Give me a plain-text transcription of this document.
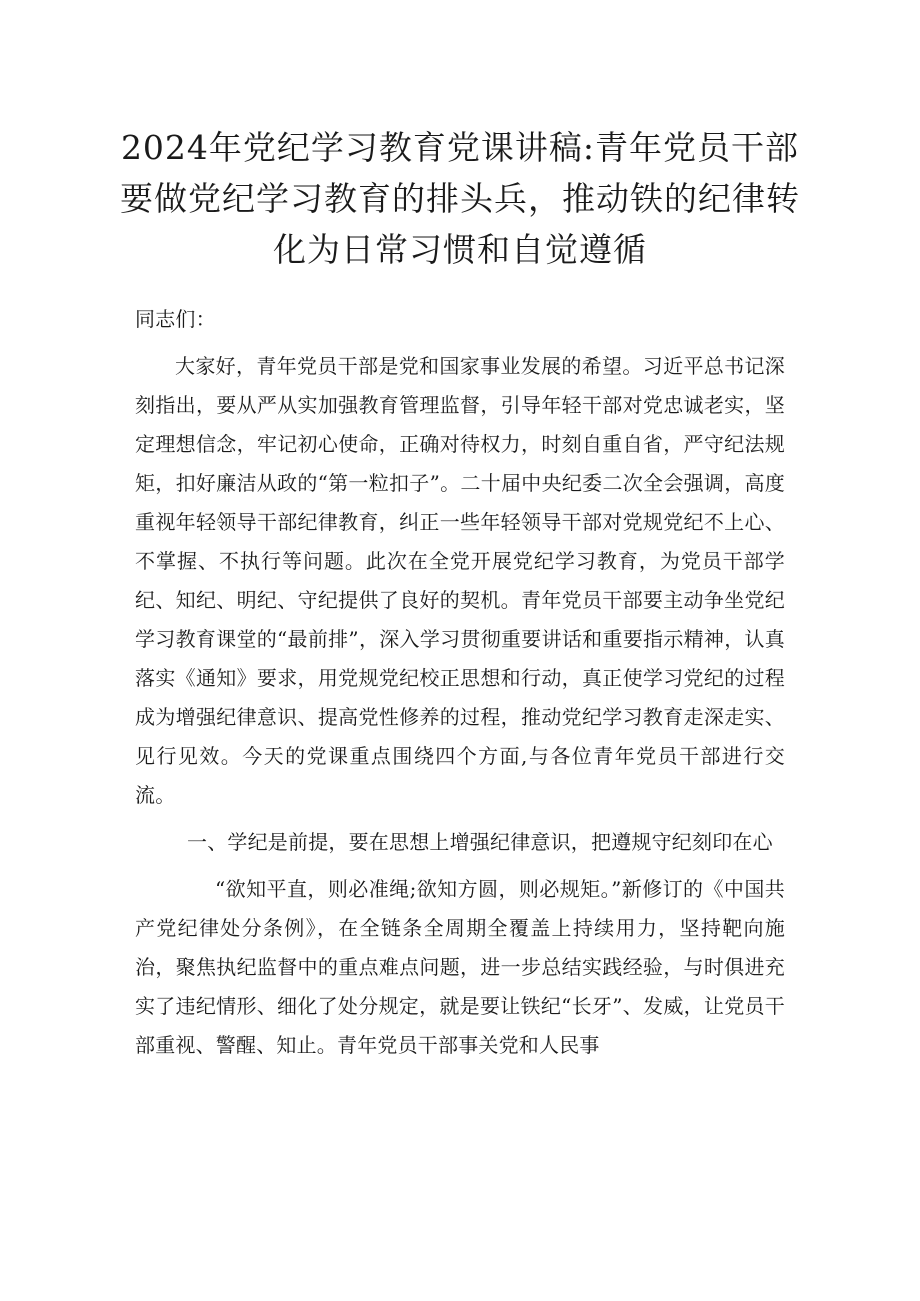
2024年党纪学习教育党课讲稿:青年党员干部要做党纪学习教育的排头兵，推动铁的纪律转化为日常习惯和自觉遵循

同志们：

大家好，青年党员干部是党和国家事业发展的希望。习近平总书记深刻指出，要从严从实加强教育管理监督，引导年轻干部对党忠诚老实，坚定理想信念，牢记初心使命，正确对待权力，时刻自重自省，严守纪法规矩，扣好廉洁从政的“第一粒扣子”。二十届中央纪委二次全会强调，高度重视年轻领导干部纪律教育，纠正一些年轻领导干部对党规党纪不上心、不掌握、不执行等问题。此次在全党开展党纪学习教育，为党员干部学纪、知纪、明纪、守纪提供了良好的契机。青年党员干部要主动争坐党纪学习教育课堂的“最前排”，深入学习贯彻重要讲话和重要指示精神，认真落实《通知》要求，用党规党纪校正思想和行动，真正使学习党纪的过程成为增强纪律意识、提高党性修养的过程，推动党纪学习教育走深走实、见行见效。今天的党课重点围绕四个方面,与各位青年党员干部进行交流。

一、学纪是前提，要在思想上增强纪律意识，把遵规守纪刻印在心

“欲知平直，则必准绳;欲知方圆，则必规矩。”新修订的《中国共产党纪律处分条例》，在全链条全周期全覆盖上持续用力，坚持靶向施治，聚焦执纪监督中的重点难点问题，进一步总结实践经验，与时俱进充实了违纪情形、细化了处分规定，就是要让铁纪“长牙”、发威，让党员干部重视、警醒、知止。青年党员干部事关党和人民事
